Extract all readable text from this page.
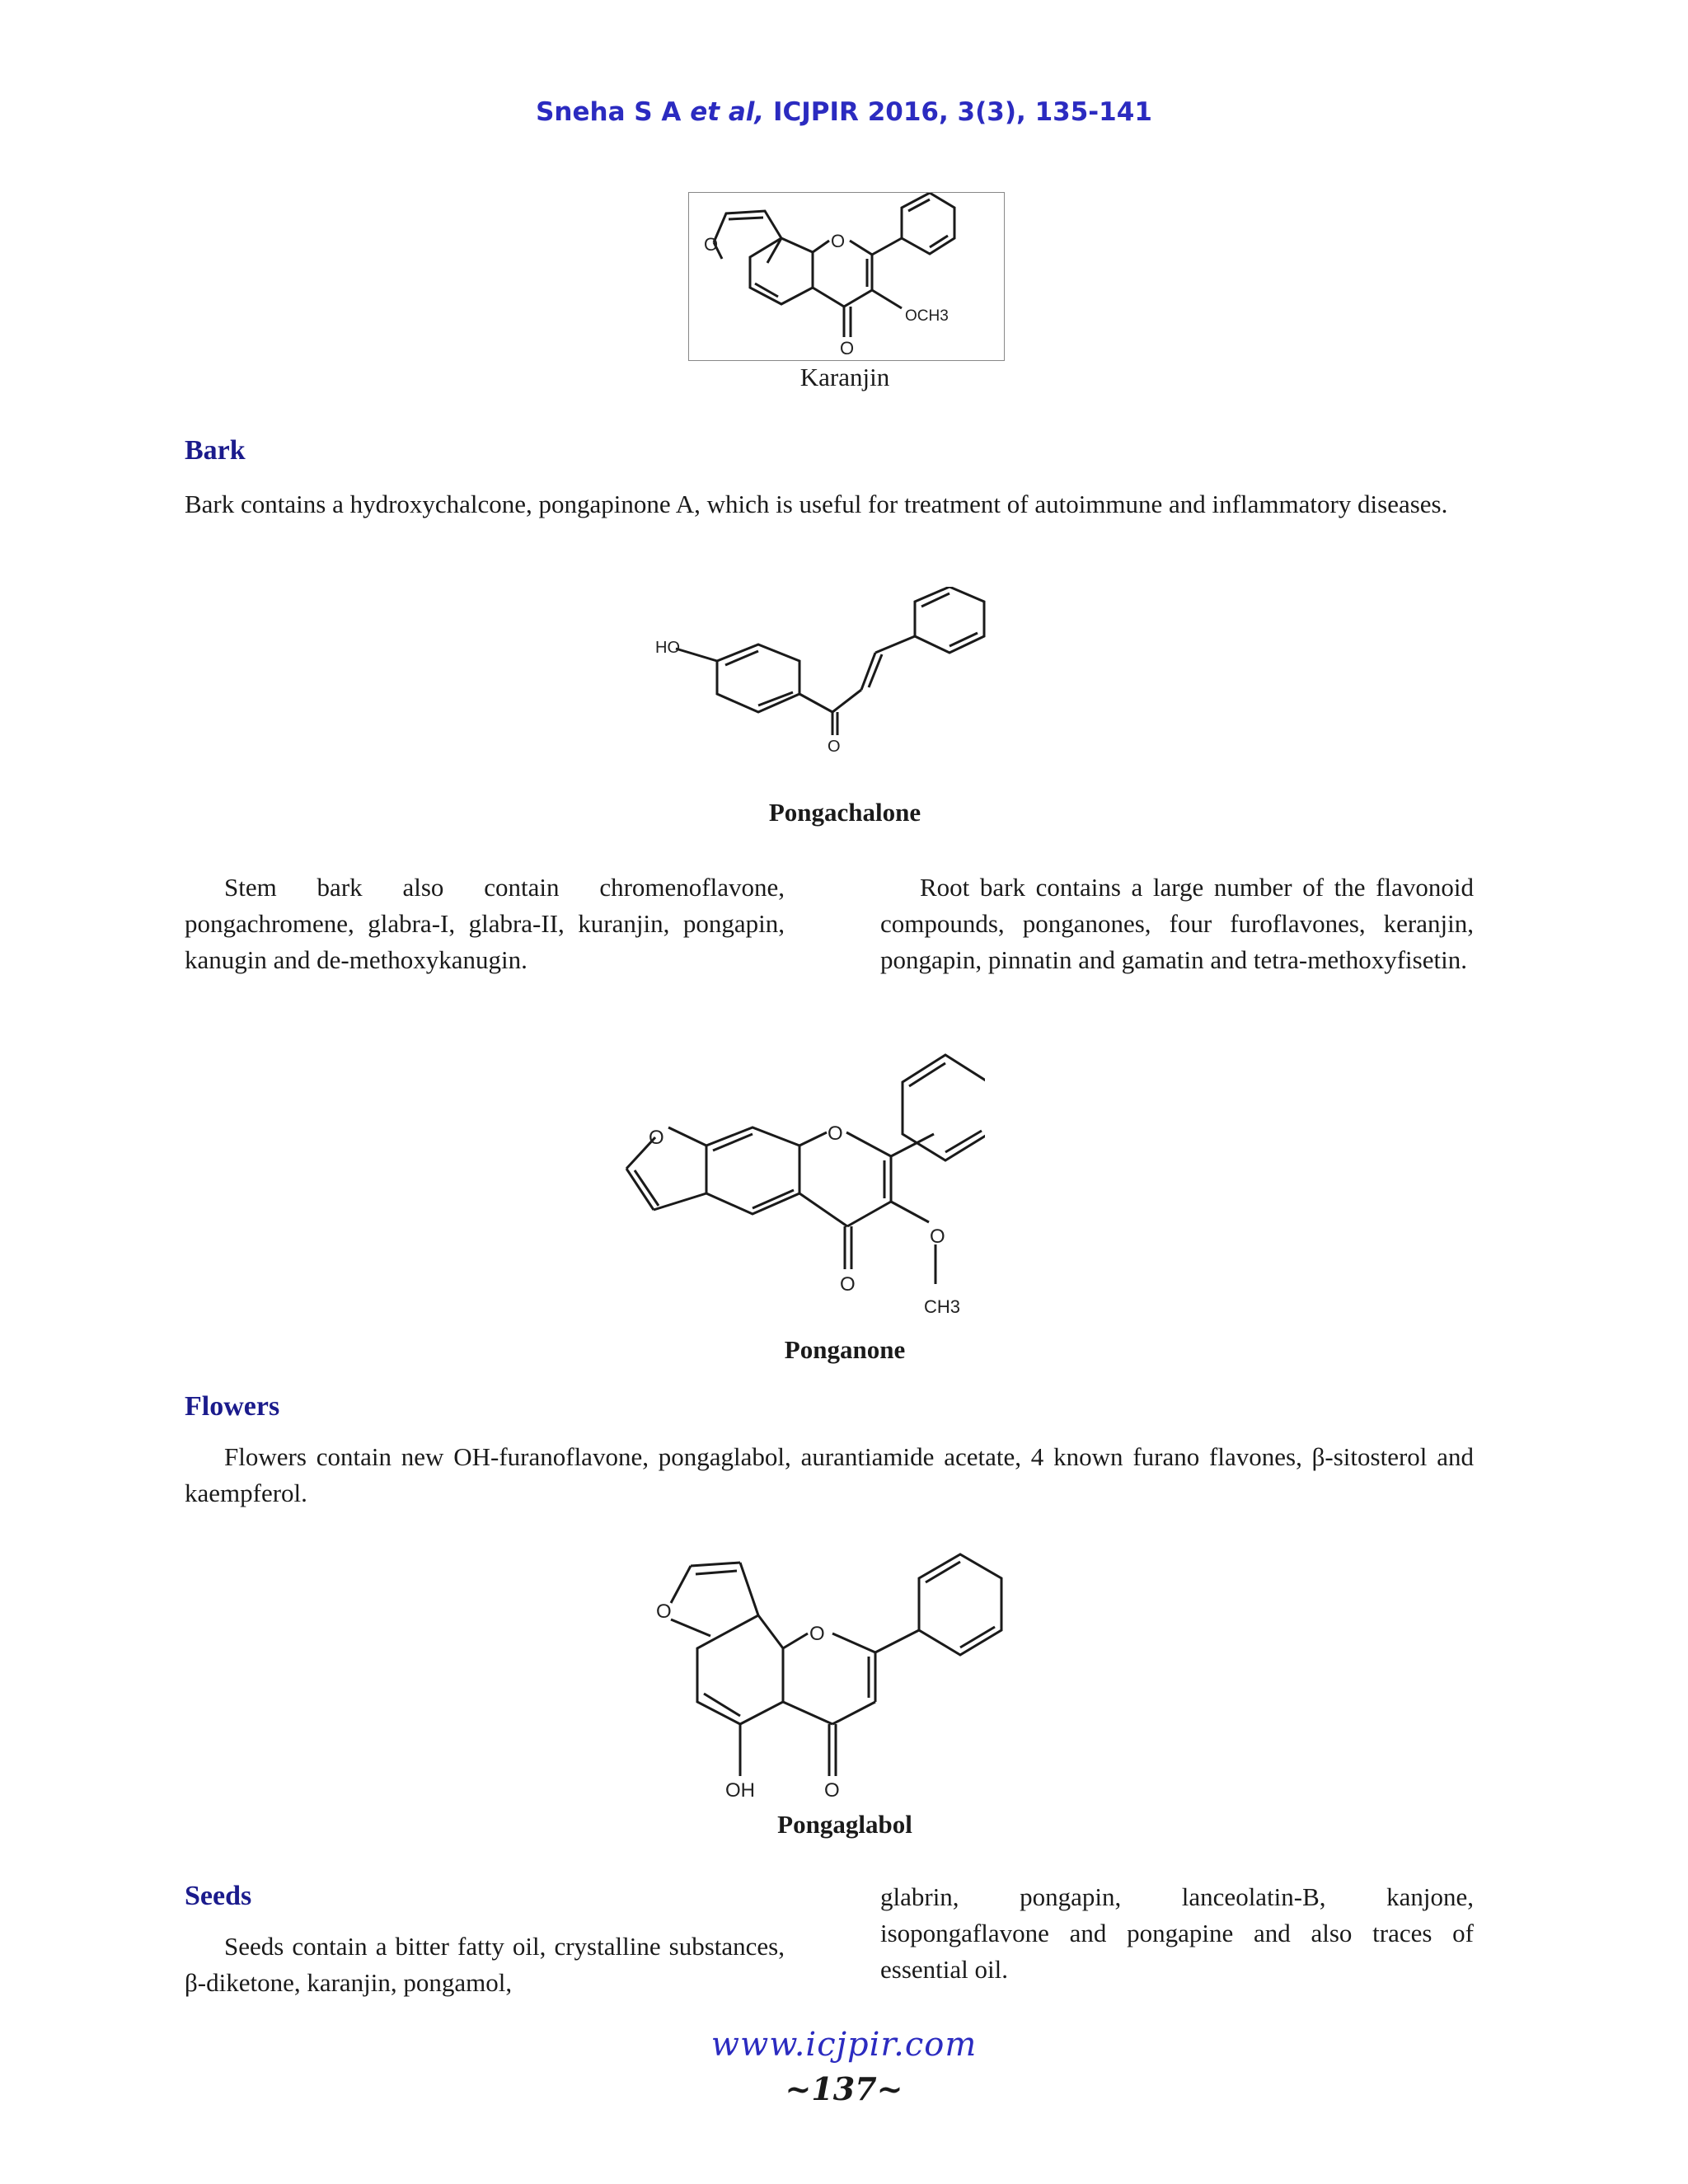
Sneha S A et al, ICJPIR 2016, 3(3), 135-141
O	O
O
OCH3
Karanjin
Bark
Bark contains a hydroxychalcone, pongapinone A, which is useful for treatment of autoimmune and inflammatory diseases.
HO
O
Pongachalone
Stem bark also contain chromenoflavone, pongachromene, glabra-I, glabra-II, kuranjin, pongapin, kanugin and de-methoxykanugin.
Root bark contains a large number of the flavonoid compounds, ponganones, four furoflavones, keranjin, pongapin, pinnatin and gamatin and tetra-methoxyfisetin.
O	O
O
O
CH3
Ponganone
Flowers
Flowers contain new OH-furanoflavone, pongaglabol, aurantiamide acetate, 4 known furano flavones, β-sitosterol and kaempferol.
O
O
OH	O
Pongaglabol
Seeds
Seeds contain a bitter fatty oil, crystalline substances, β-diketone, karanjin, pongamol,
glabrin, pongapin, lanceolatin-B, kanjone, isopongaflavone and pongapine and also traces of essential oil.
www.icjpir.com
~137~
